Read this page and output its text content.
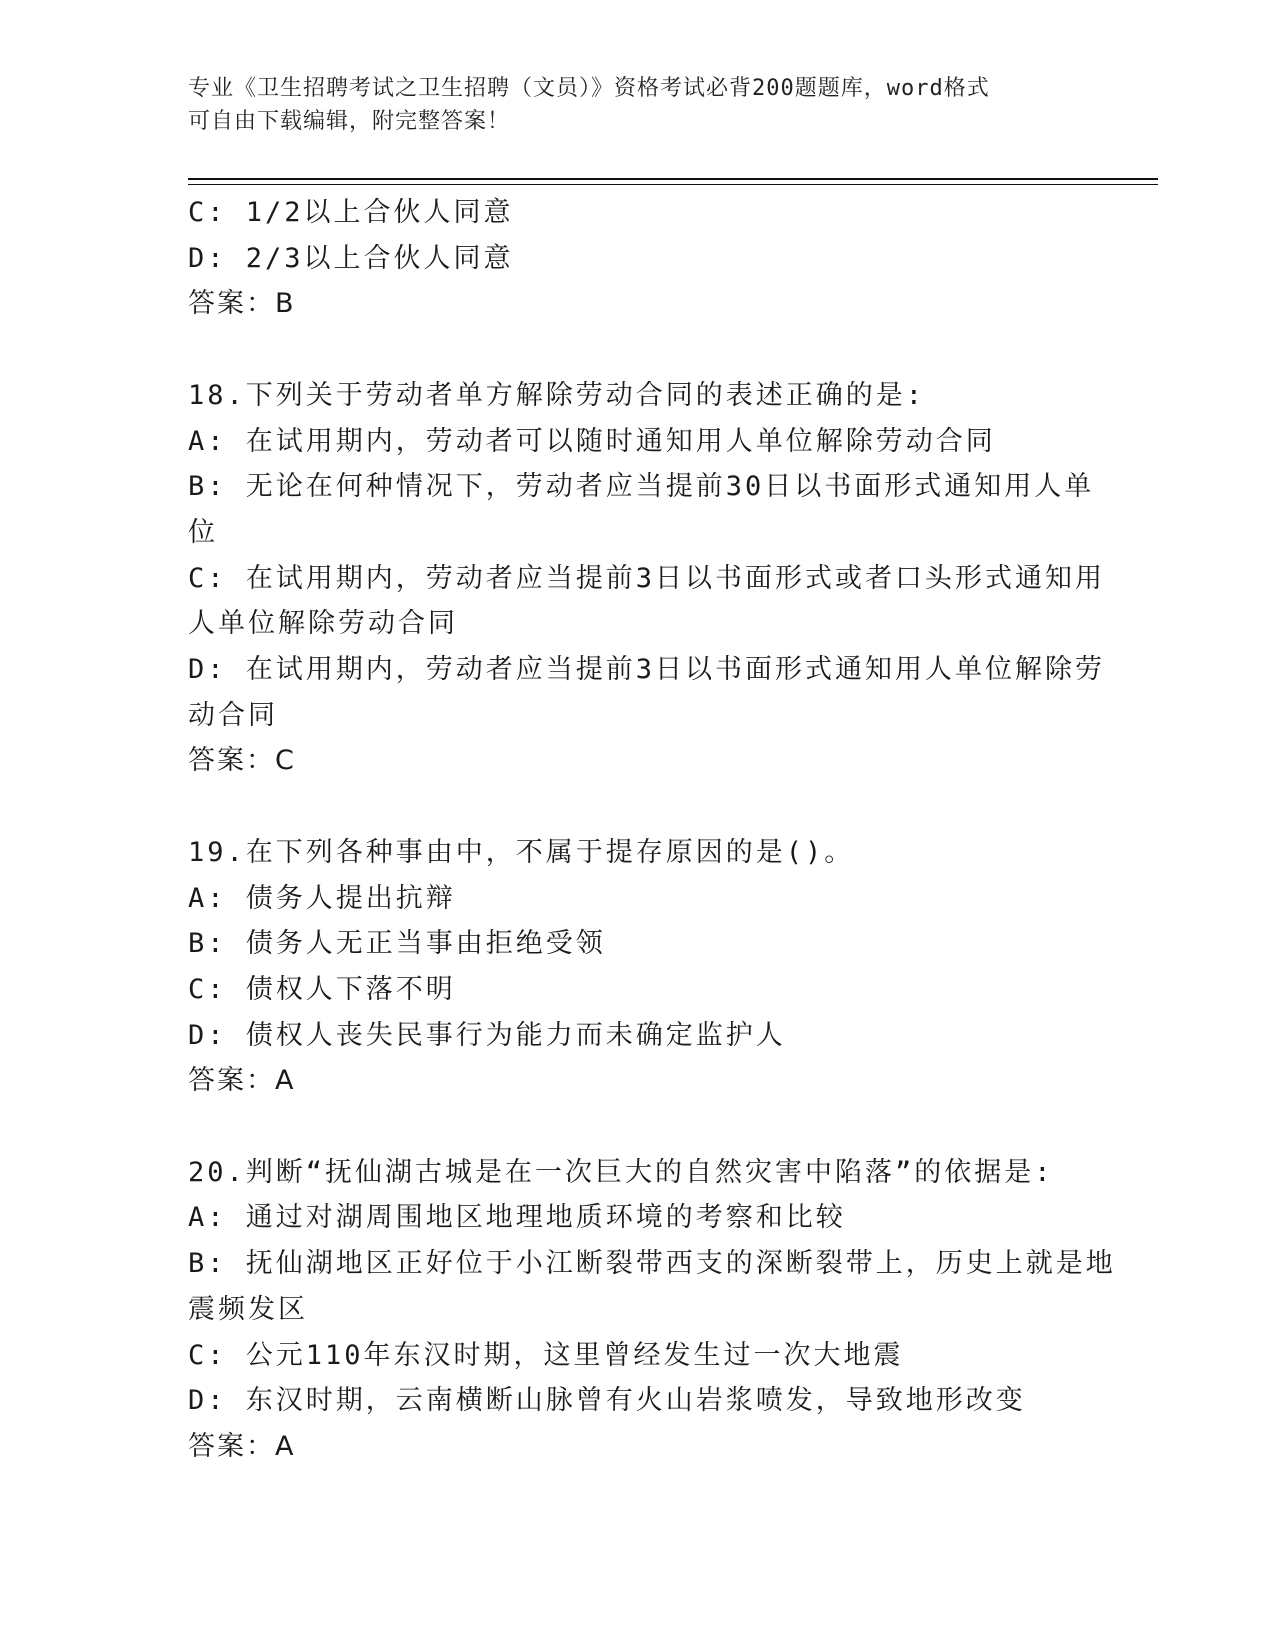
专业《卫生招聘考试之卫生招聘（文员）》资格考试必背200题题库，word格式
可自由下载编辑，附完整答案！
C: 1/2以上合伙人同意
D: 2/3以上合伙人同意
答案：B
18.下列关于劳动者单方解除劳动合同的表述正确的是:
A: 在试用期内，劳动者可以随时通知用人单位解除劳动合同
B: 无论在何种情况下，劳动者应当提前30日以书面形式通知用人单
位
C: 在试用期内，劳动者应当提前3日以书面形式或者口头形式通知用
人单位解除劳动合同
D: 在试用期内，劳动者应当提前3日以书面形式通知用人单位解除劳
动合同
答案：C
19.在下列各种事由中，不属于提存原因的是()。
A: 债务人提出抗辩
B: 债务人无正当事由拒绝受领
C: 债权人下落不明
D: 债权人丧失民事行为能力而未确定监护人
答案：A
20.判断“抚仙湖古城是在一次巨大的自然灾害中陷落”的依据是:
A: 通过对湖周围地区地理地质环境的考察和比较
B: 抚仙湖地区正好位于小江断裂带西支的深断裂带上，历史上就是地
震频发区
C: 公元110年东汉时期，这里曾经发生过一次大地震
D: 东汉时期，云南横断山脉曾有火山岩浆喷发，导致地形改变
答案：A
